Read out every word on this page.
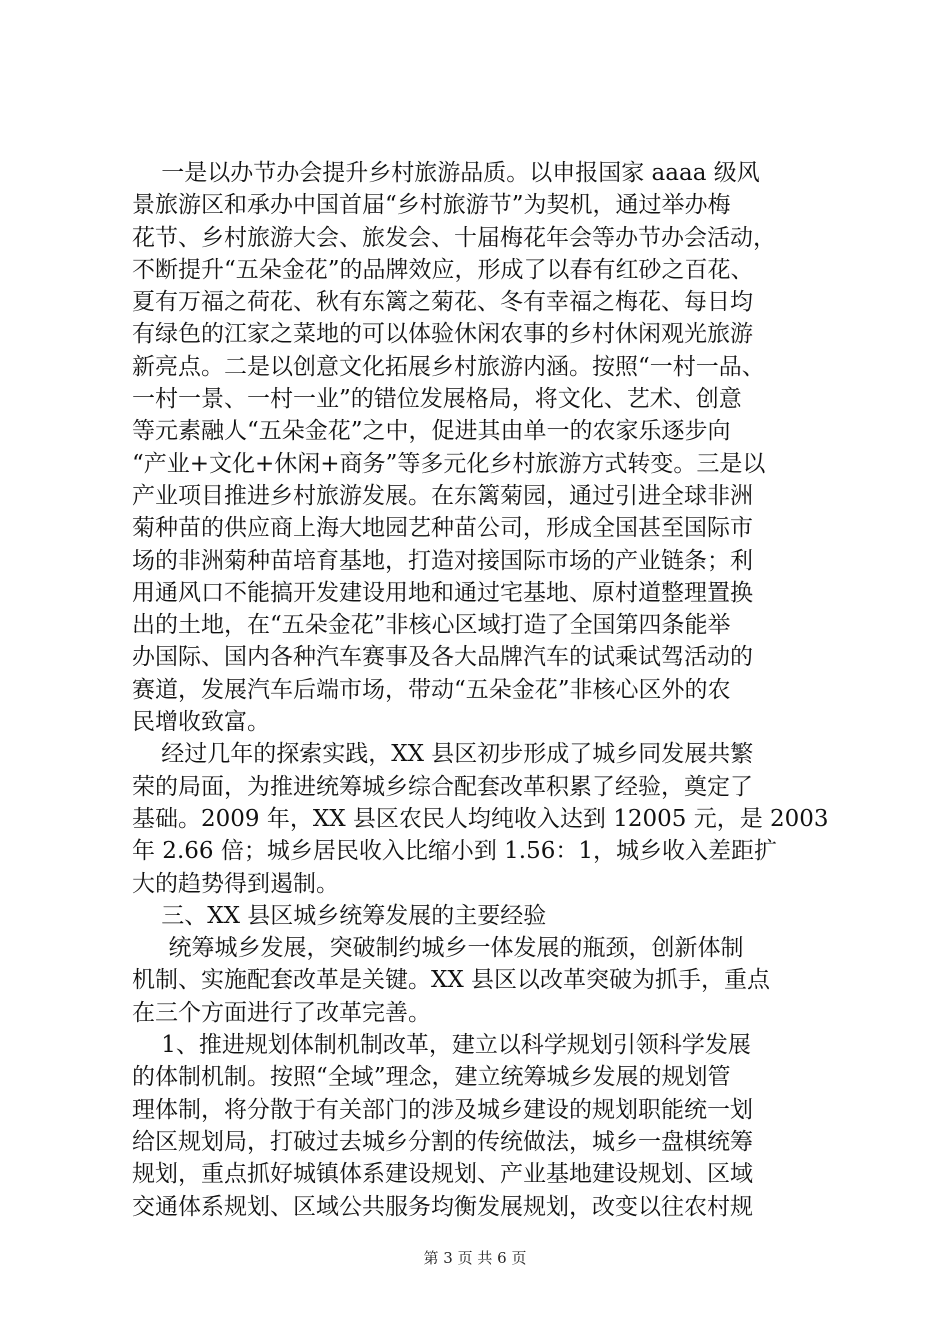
一是以办节办会提升乡村旅游品质。以申报国家 aaaa 级风
景旅游区和承办中国首届“乡村旅游节”为契机，通过举办梅
花节、乡村旅游大会、旅发会、十届梅花年会等办节办会活动，
不断提升“五朵金花”的品牌效应，形成了以春有红砂之百花、
夏有万福之荷花、秋有东篱之菊花、冬有幸福之梅花、每日均
有绿色的江家之菜地的可以体验休闲农事的乡村休闲观光旅游
新亮点。二是以创意文化拓展乡村旅游内涵。按照“一村一品、
一村一景、一村一业”的错位发展格局，将文化、艺术、创意
等元素融人“五朵金花”之中，促进其由单一的农家乐逐步向
“产业+文化+休闲+商务”等多元化乡村旅游方式转变。三是以
产业项目推进乡村旅游发展。在东篱菊园，通过引进全球非洲
菊种苗的供应商上海大地园艺种苗公司，形成全国甚至国际市
场的非洲菊种苗培育基地，打造对接国际市场的产业链条；利
用通风口不能搞开发建设用地和通过宅基地、原村道整理置换
出的土地，在“五朵金花”非核心区域打造了全国第四条能举
办国际、国内各种汽车赛事及各大品牌汽车的试乘试驾活动的
赛道，发展汽车后端市场，带动“五朵金花”非核心区外的农
民增收致富。
经过几年的探索实践，XX 县区初步形成了城乡同发展共繁
荣的局面，为推进统筹城乡综合配套改革积累了经验，奠定了
基础。2009 年，XX 县区农民人均纯收入达到 12005 元，是 2003
年 2.66 倍；城乡居民收入比缩小到 1.56：1，城乡收入差距扩
大的趋势得到遏制。
三、XX 县区城乡统筹发展的主要经验
统筹城乡发展，突破制约城乡一体发展的瓶颈，创新体制
机制、实施配套改革是关键。XX 县区以改革突破为抓手，重点
在三个方面进行了改革完善。
1、推进规划体制机制改革，建立以科学规划引领科学发展
的体制机制。按照“全域”理念，建立统筹城乡发展的规划管
理体制，将分散于有关部门的涉及城乡建设的规划职能统一划
给区规划局，打破过去城乡分割的传统做法，城乡一盘棋统筹
规划，重点抓好城镇体系建设规划、产业基地建设规划、区域
交通体系规划、区域公共服务均衡发展规划，改变以往农村规
第 3 页 共 6 页
